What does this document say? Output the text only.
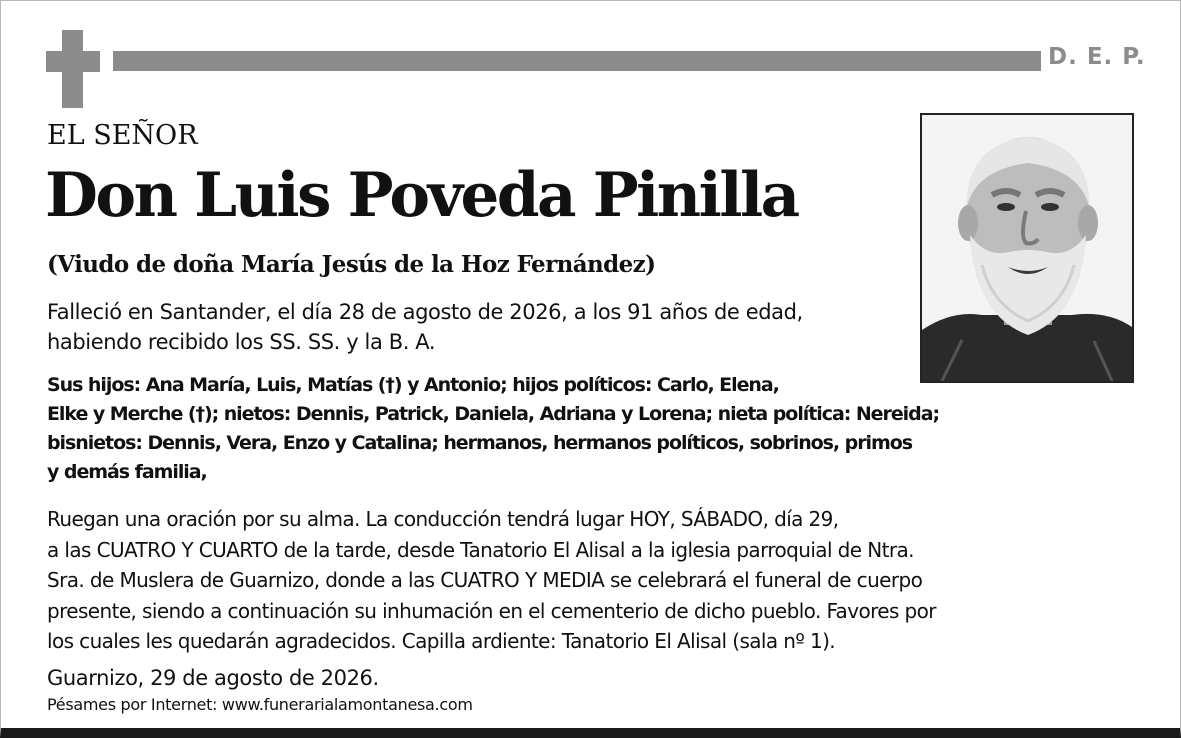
D. E. P.
EL SEÑOR
Don Luis Poveda Pinilla
(Viudo de doña María Jesús de la Hoz Fernández)
Falleció en Santander, el día 28 de agosto de 2026, a los 91 años de edad,
habiendo recibido los SS. SS. y la B. A.
Sus hijos: Ana María, Luis, Matías (†) y Antonio; hijos políticos: Carlo, Elena,
Elke y Merche (†); nietos: Dennis, Patrick, Daniela, Adriana y Lorena; nieta política: Nereida;
bisnietos: Dennis, Vera, Enzo y Catalina; hermanos, hermanos políticos, sobrinos, primos
y demás familia,
Ruegan una oración por su alma. La conducción tendrá lugar HOY, SÁBADO, día 29,
a las CUATRO Y CUARTO de la tarde, desde Tanatorio El Alisal a la iglesia parroquial de Ntra.
Sra. de Muslera de Guarnizo, donde a las CUATRO Y MEDIA se celebrará el funeral de cuerpo
presente, siendo a continuación su inhumación en el cementerio de dicho pueblo. Favores por
los cuales les quedarán agradecidos. Capilla ardiente: Tanatorio El Alisal (sala nº 1).
Guarnizo, 29 de agosto de 2026.
Pésames por Internet: www.funerarialamontanesa.com
